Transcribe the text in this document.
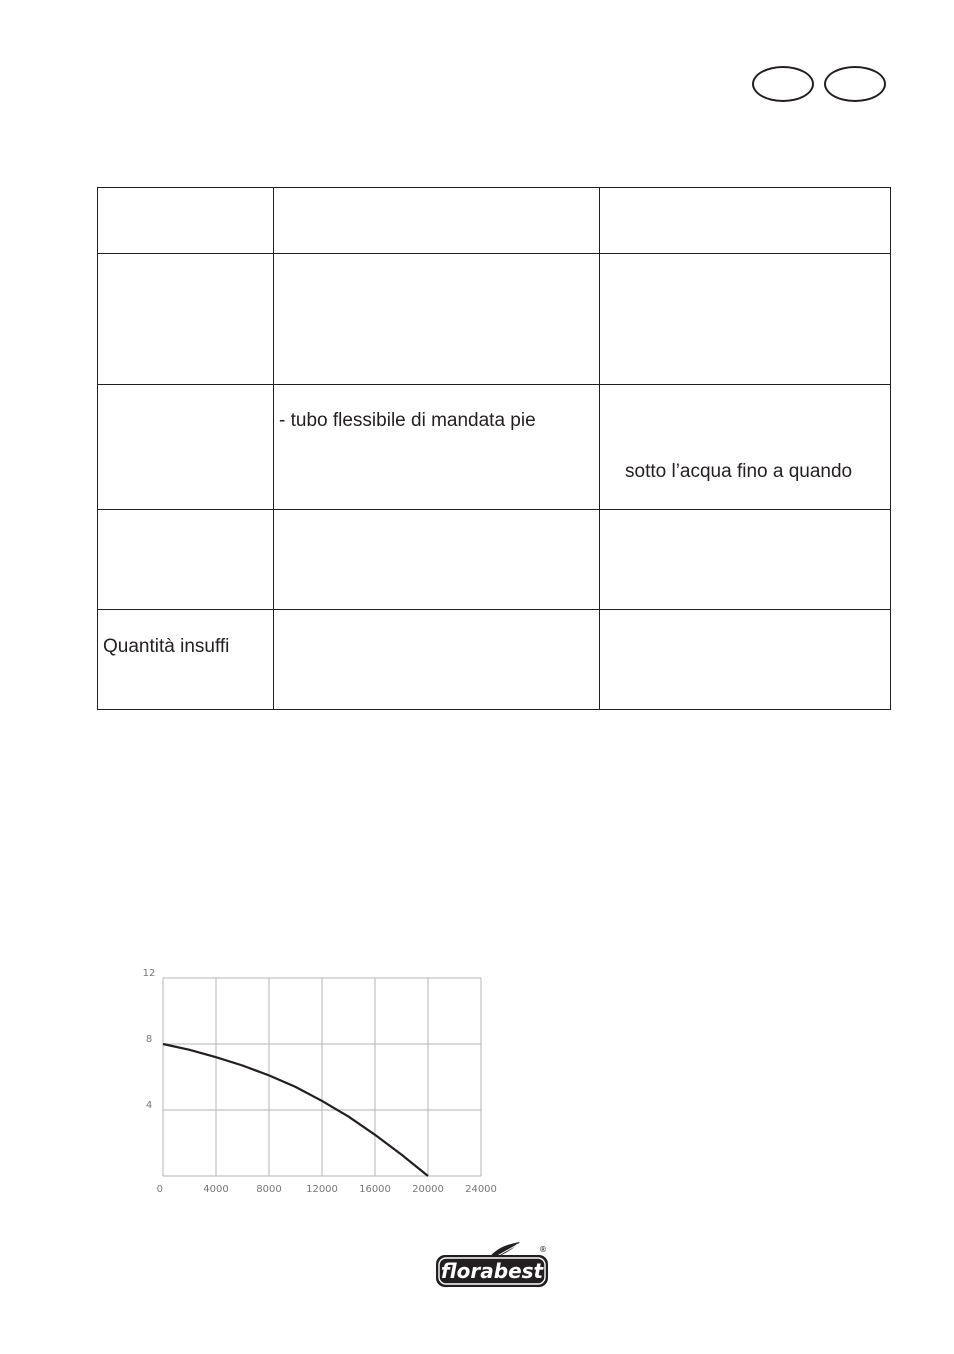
	- tubo flessibile di mandata pie	sotto l’acqua fino a quando

Quantità insuffi		

0	4000	8000 12000 16000 20000 24000
4
8
12
florabest
®
